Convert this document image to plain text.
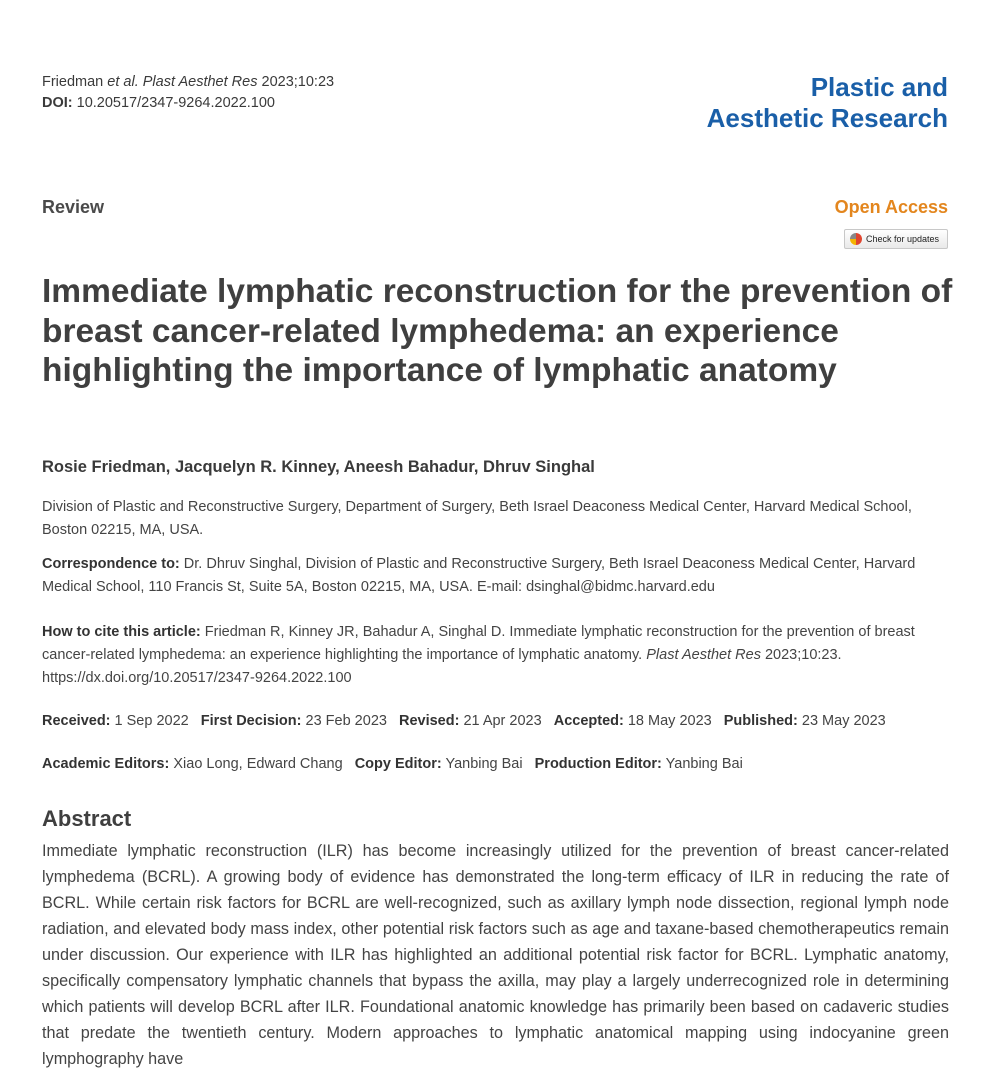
Friedman et al. Plast Aesthet Res 2023;10:23
DOI: 10.20517/2347-9264.2022.100
Plastic and
Aesthetic Research
Review	Open Access
Check for updates
Immediate lymphatic reconstruction for the prevention of breast cancer-related lymphedema: an experience highlighting the importance of lymphatic anatomy
Rosie Friedman, Jacquelyn R. Kinney, Aneesh Bahadur, Dhruv Singhal
Division of Plastic and Reconstructive Surgery, Department of Surgery, Beth Israel Deaconess Medical Center, Harvard Medical School, Boston 02215, MA, USA.
Correspondence to: Dr. Dhruv Singhal, Division of Plastic and Reconstructive Surgery, Beth Israel Deaconess Medical Center, Harvard Medical School, 110 Francis St, Suite 5A, Boston 02215, MA, USA. E-mail: dsinghal@bidmc.harvard.edu
How to cite this article: Friedman R, Kinney JR, Bahadur A, Singhal D. Immediate lymphatic reconstruction for the prevention of breast cancer-related lymphedema: an experience highlighting the importance of lymphatic anatomy. Plast Aesthet Res 2023;10:23. https://dx.doi.org/10.20517/2347-9264.2022.100
Received: 1 Sep 2022 First Decision: 23 Feb 2023 Revised: 21 Apr 2023 Accepted: 18 May 2023 Published: 23 May 2023
Academic Editors: Xiao Long, Edward Chang Copy Editor: Yanbing Bai Production Editor: Yanbing Bai
Abstract

Immediate lymphatic reconstruction (ILR) has become increasingly utilized for the prevention of breast cancer-related lymphedema (BCRL). A growing body of evidence has demonstrated the long-term efficacy of ILR in reducing the rate of BCRL. While certain risk factors for BCRL are well-recognized, such as axillary lymph node dissection, regional lymph node radiation, and elevated body mass index, other potential risk factors such as age and taxane-based chemotherapeutics remain under discussion. Our experience with ILR has highlighted an additional potential risk factor for BCRL. Lymphatic anatomy, specifically compensatory lymphatic channels that bypass the axilla, may play a largely underrecognized role in determining which patients will develop BCRL after ILR. Foundational anatomic knowledge has primarily been based on cadaveric studies that predate the twentieth century. Modern approaches to lymphatic anatomical mapping using indocyanine green lymphography have
